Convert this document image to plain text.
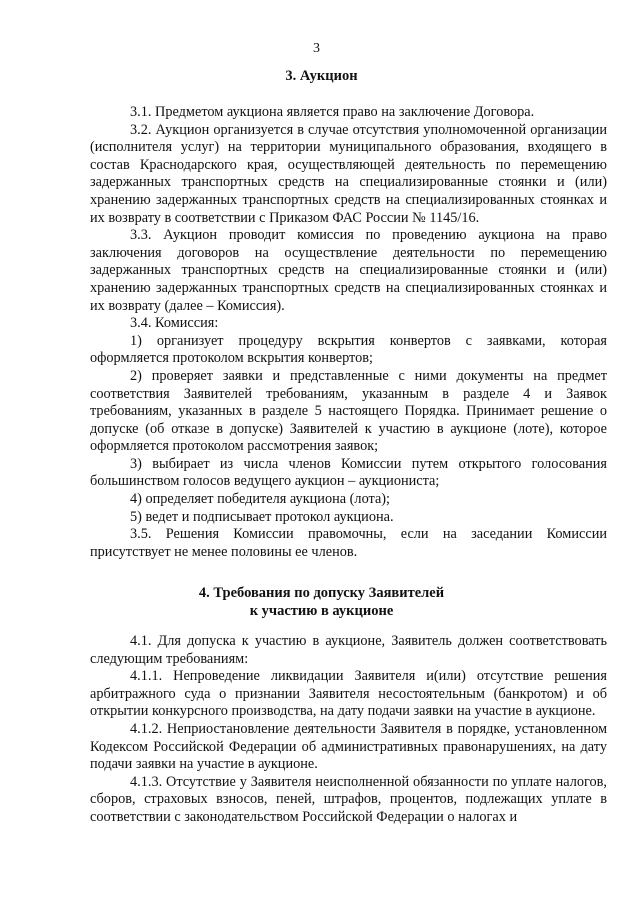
3
3. Аукцион

3.1. Предметом аукциона является право на заключение Договора.

3.2. Аукцион организуется в случае отсутствия уполномоченной организации (исполнителя услуг) на территории муниципального образования, входящего в состав Краснодарского края, осуществляющей деятельность по перемещению задержанных транспортных средств на специализированные стоянки и (или) хранению задержанных транспортных средств на специализированных стоянках и их возврату в соответствии с Приказом ФАС России № 1145/16.

3.3. Аукцион проводит комиссия по проведению аукциона на право заключения договоров на осуществление деятельности по перемещению задержанных транспортных средств на специализированные стоянки и (или) хранению задержанных транспортных средств на специализированных стоянках и их возврату (далее – Комиссия).

3.4. Комиссия:

1) организует процедуру вскрытия конвертов с заявками, которая оформляется протоколом вскрытия конвертов;

2) проверяет заявки и представленные с ними документы на предмет соответствия Заявителей требованиям, указанным в разделе 4 и Заявок требованиям, указанных в разделе 5 настоящего Порядка. Принимает решение о допуске (об отказе в допуске) Заявителей к участию в аукционе (лоте), которое оформляется протоколом рассмотрения заявок;

3) выбирает из числа членов Комиссии путем открытого голосования большинством голосов ведущего аукцион – аукциониста;

4) определяет победителя аукциона (лота);

5) ведет и подписывает протокол аукциона.

3.5. Решения Комиссии правомочны, если на заседании Комиссии присутствует не менее половины ее членов.

4. Требования по допуску Заявителей
к участию в аукционе

4.1. Для допуска к участию в аукционе, Заявитель должен соответствовать следующим требованиям:

4.1.1. Непроведение ликвидации Заявителя и(или) отсутствие решения арбитражного суда о признании Заявителя несостоятельным (банкротом) и об открытии конкурсного производства, на дату подачи заявки на участие в аукционе.

4.1.2. Неприостановление деятельности Заявителя в порядке, установленном Кодексом Российской Федерации об административных правонарушениях, на дату подачи заявки на участие в аукционе.

4.1.3. Отсутствие у Заявителя неисполненной обязанности по уплате налогов, сборов, страховых взносов, пеней, штрафов, процентов, подлежащих уплате в соответствии с законодательством Российской Федерации о налогах и
